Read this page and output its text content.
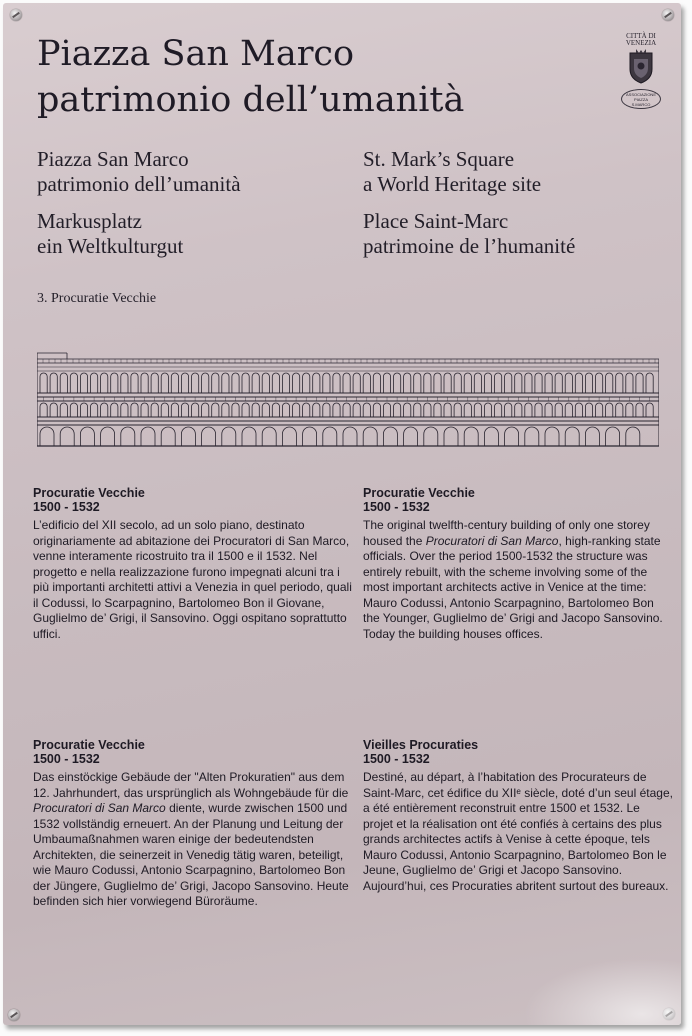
Piazza San Marco
patrimonio dell’umanità
CITTÀ DI
VENEZIA
ASSOCIAZIONE
PIAZZA
S.MARCO
Piazza San Marco
patrimonio dell’umanità
St. Mark’s Square
a World Heritage site
Markusplatz
ein Weltkulturgut
Place Saint-Marc
patrimoine de l’humanité
3. Procuratie Vecchie
Procuratie Vecchie
1500 - 1532

L’edificio del XII secolo, ad un solo piano, destinato originariamente ad abitazione dei Procuratori di San Marco, venne interamente ricostruito tra il 1500 e il 1532. Nel progetto e nella realizzazione furono impegnati alcuni tra i più importanti architetti attivi a Venezia in quel periodo, quali il Codussi, lo Scarpagnino, Bartolomeo Bon il Giovane, Guglielmo de’ Grigi, il Sansovino. Oggi ospitano soprattutto uffici.

Procuratie Vecchie
1500 - 1532

The original twelfth-century building of only one storey housed the Procuratori di San Marco, high-ranking state officials. Over the period 1500-1532 the structure was entirely rebuilt, with the scheme involving some of the most important architects active in Venice at the time: Mauro Codussi, Antonio Scarpagnino, Bartolomeo Bon the Younger, Guglielmo de’ Grigi and Jacopo Sansovino. Today the building houses offices.

Procuratie Vecchie
1500 - 1532

Das einstöckige Gebäude der "Alten Prokuratien" aus dem 12. Jahrhundert, das ursprünglich als Wohngebäude für die Procuratori di San Marco diente, wurde zwischen 1500 und 1532 vollständig erneuert. An der Planung und Leitung der Umbaumaßnahmen waren einige der bedeutendsten Architekten, die seinerzeit in Venedig tätig waren, beteiligt, wie Mauro Codussi, Antonio Scarpagnino, Bartolomeo Bon der Jüngere, Guglielmo de’ Grigi, Jacopo Sansovino. Heute befinden sich hier vorwiegend Büroräume.

Vieilles Procuraties
1500 - 1532

Destiné, au départ, à l’habitation des Procurateurs de Saint-Marc, cet édifice du XIIᵉ siècle, doté d’un seul étage, a été entièrement reconstruit entre 1500 et 1532. Le projet et la réalisation ont été confiés à certains des plus grands architectes actifs à Venise à cette époque, tels Mauro Codussi, Antonio Scarpagnino, Bartolomeo Bon le Jeune, Guglielmo de’ Grigi et Jacopo Sansovino. Aujourd’hui, ces Procuraties abritent surtout des bureaux.
